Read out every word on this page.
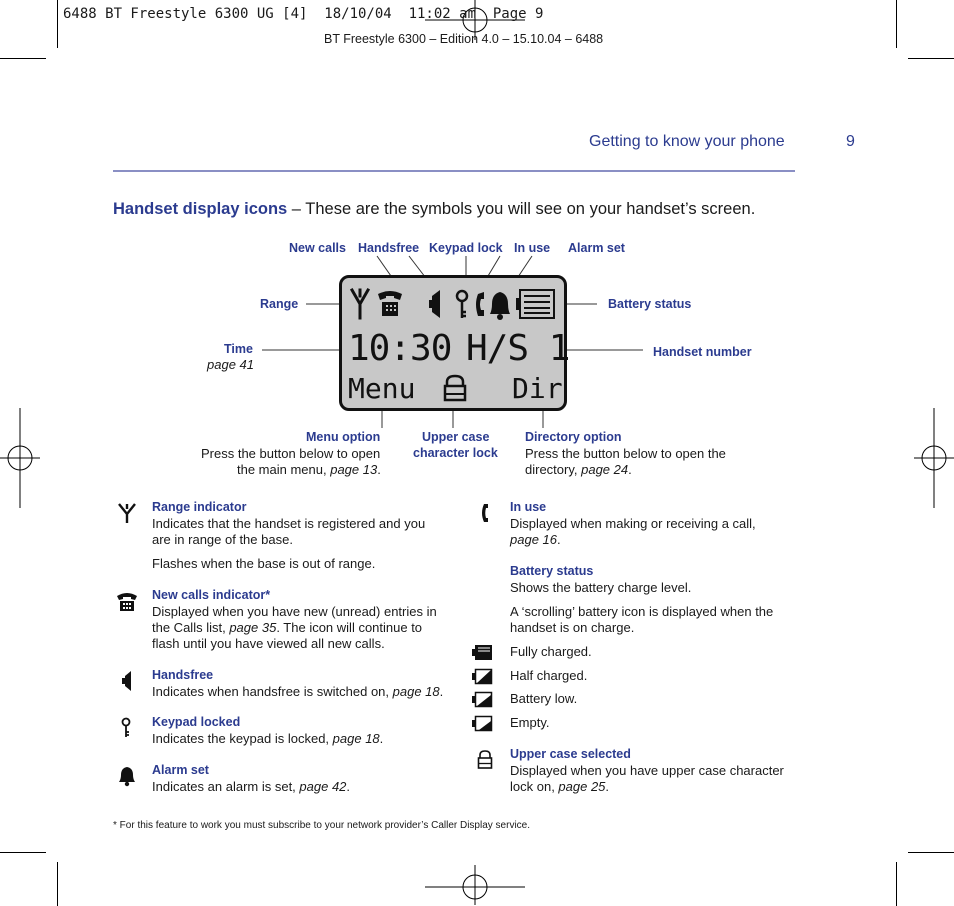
6488 BT Freestyle 6300 UG [4]  18/10/04  11:02 am  Page 9
BT Freestyle 6300 – Edition 4.0 – 15.10.04 – 6488
Getting to know your phone	9
Handset display icons – These are the symbols you will see on your handset’s screen.
New calls Handsfree Keypad lock In use Alarm set
Range	Battery status
Time
page 41
Handset number
10:30 H/S 1
Menu	Dir
Menu option
Press the button below to open
the main menu, page 13.
Upper case
character lock
Directory option
Press the button below to open the
directory, page 24.
Range indicator
Indicates that the handset is registered and you
are in range of the base.
Flashes when the base is out of range.
New calls indicator*
Displayed when you have new (unread) entries in
the Calls list, page 35. The icon will continue to
flash until you have viewed all new calls.
Handsfree
Indicates when handsfree is switched on, page 18.
Keypad locked
Indicates the keypad is locked, page 18.
Alarm set
Indicates an alarm is set, page 42.
In use
Displayed when making or receiving a call,
page 16.
Battery status
Shows the battery charge level.
A ‘scrolling’ battery icon is displayed when the
handset is on charge.
Fully charged.
Half charged.
Battery low.
Empty.
Upper case selected
Displayed when you have upper case character
lock on, page 25.
* For this feature to work you must subscribe to your network provider’s Caller Display service.
